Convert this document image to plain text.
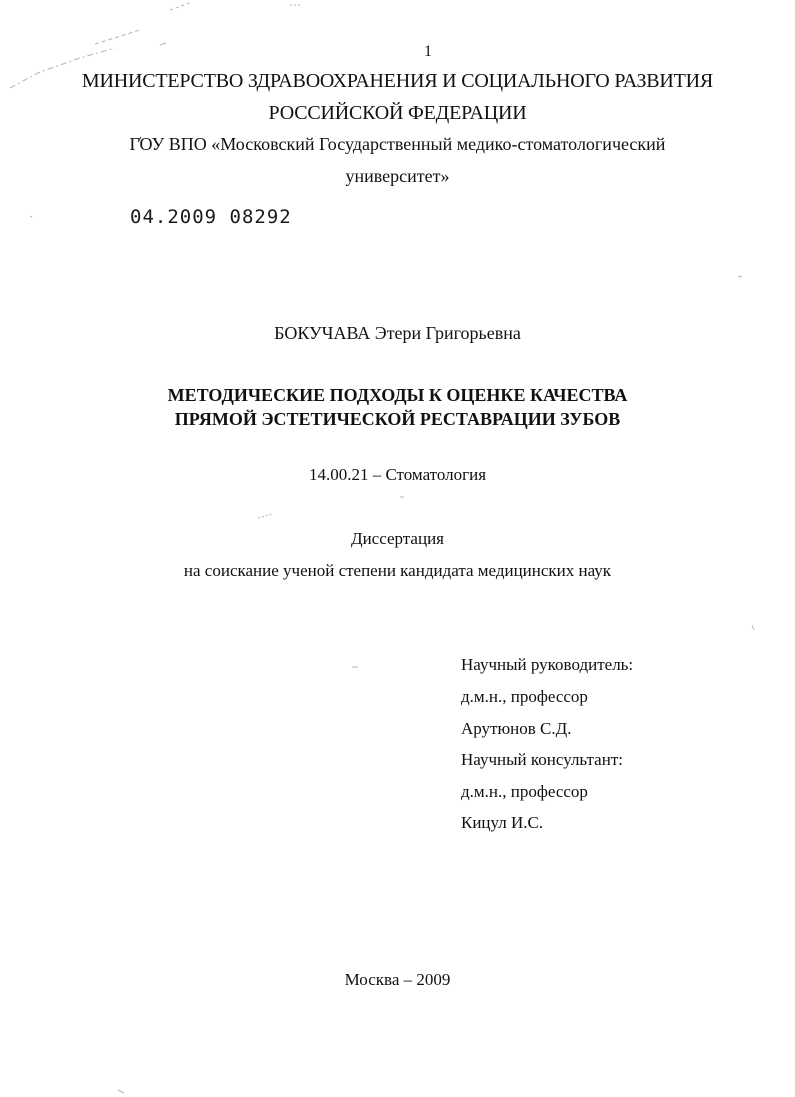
1
МИНИСТЕРСТВО ЗДРАВООХРАНЕНИЯ И СОЦИАЛЬНОГО РАЗВИТИЯ
РОССИЙСКОЙ ФЕДЕРАЦИИ
ГОУ ВПО «Московский Государственный медико-стоматологический
университет»
04.2009 08292
БОКУЧАВА Этери Григорьевна
МЕТОДИЧЕСКИЕ ПОДХОДЫ К ОЦЕНКЕ КАЧЕСТВА
ПРЯМОЙ ЭСТЕТИЧЕСКОЙ РЕСТАВРАЦИИ ЗУБОВ
14.00.21 – Стоматология
Диссертация
на соискание ученой степени кандидата медицинских наук
Научный руководитель:
д.м.н., профессор
Арутюнов С.Д.
Научный консультант:
д.м.н., профессор
Кицул И.С.
Москва – 2009
